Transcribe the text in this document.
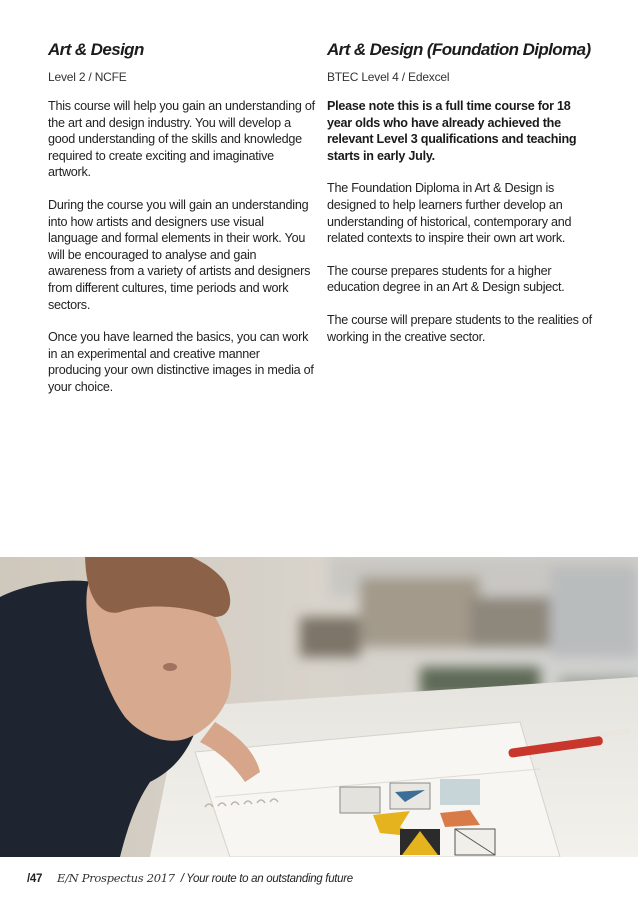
Art & Design

Level 2 / NCFE

This course will help you gain an understanding of the art and design industry. You will develop a good understanding of the skills and knowledge required to create exciting and imaginative artwork.

During the course you will gain an understanding into how artists and designers use visual language and formal elements in their work. You will be encouraged to analyse and gain awareness from a variety of artists and designers from different cultures, time periods and work sectors.

Once you have learned the basics, you can work in an experimental and creative manner producing your own distinctive images in media of your choice.

Art & Design (Foundation Diploma)

BTEC Level 4 / Edexcel

Please note this is a full time course for 18 year olds who have already achieved the relevant Level 3 qualifications and teaching starts in early July.

The Foundation Diploma in Art & Design is designed to help learners further develop an understanding of historical, contemporary and related contexts to inspire their own art work.

The course prepares students for a higher education degree in an Art & Design subject.

The course will prepare students to the realities of working in the creative sector.

/47 E/N Prospectus 2017 / Your route to an outstanding future
